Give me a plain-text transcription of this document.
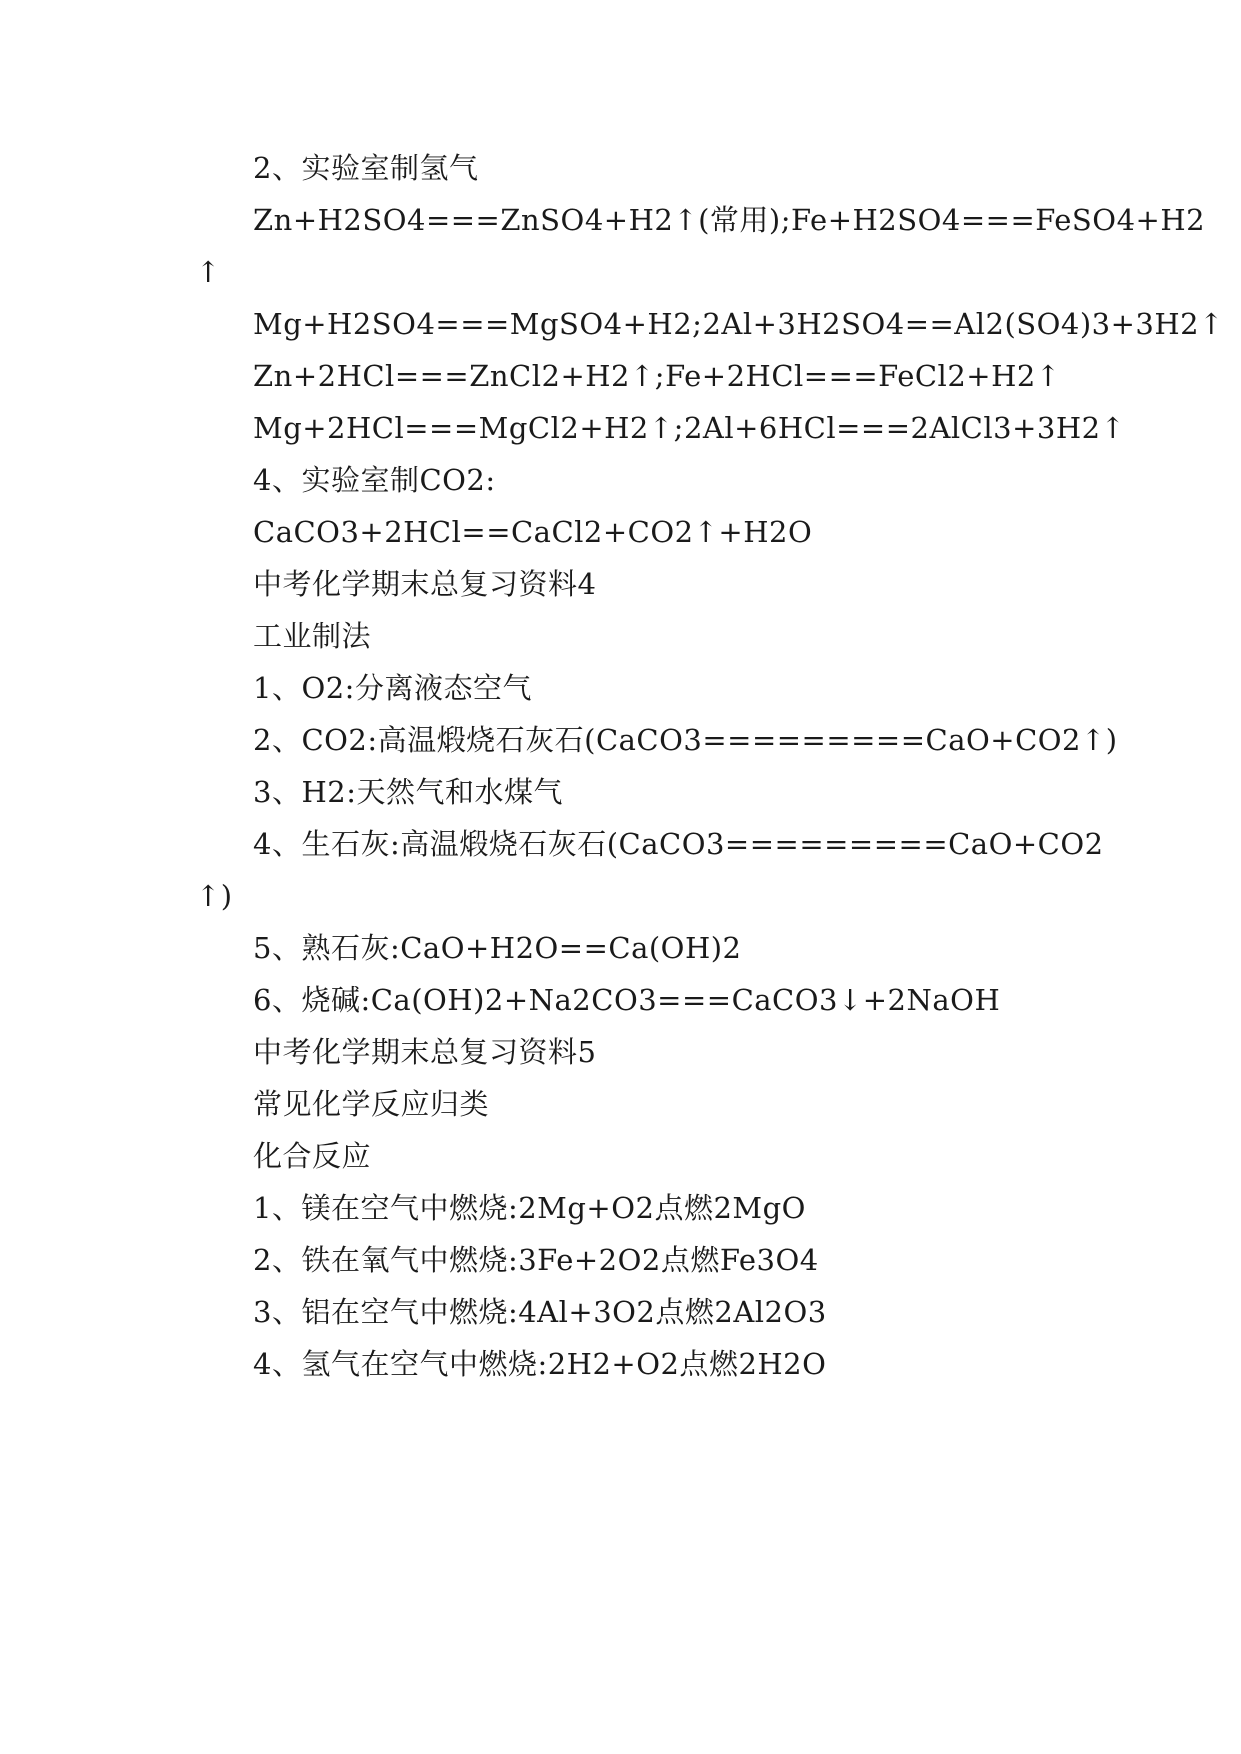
2、实验室制氢气
Zn+H2SO4===ZnSO4+H2↑(常用);Fe+H2SO4===FeSO4+H2
↑
Mg+H2SO4===MgSO4+H2;2Al+3H2SO4==Al2(SO4)3+3H2↑
Zn+2HCl===ZnCl2+H2↑;Fe+2HCl===FeCl2+H2↑
Mg+2HCl===MgCl2+H2↑;2Al+6HCl===2AlCl3+3H2↑
4、实验室制CO2:
CaCO3+2HCl==CaCl2+CO2↑+H2O
中考化学期末总复习资料4
工业制法
1、O2:分离液态空气
2、CO2:高温煅烧石灰石(CaCO3=========CaO+CO2↑)
3、H2:天然气和水煤气
4、生石灰:高温煅烧石灰石(CaCO3=========CaO+CO2
↑)
5、熟石灰:CaO+H2O==Ca(OH)2
6、烧碱:Ca(OH)2+Na2CO3===CaCO3↓+2NaOH
中考化学期末总复习资料5
常见化学反应归类
化合反应
1、镁在空气中燃烧:2Mg+O2点燃2MgO
2、铁在氧气中燃烧:3Fe+2O2点燃Fe3O4
3、铝在空气中燃烧:4Al+3O2点燃2Al2O3
4、氢气在空气中燃烧:2H2+O2点燃2H2O
